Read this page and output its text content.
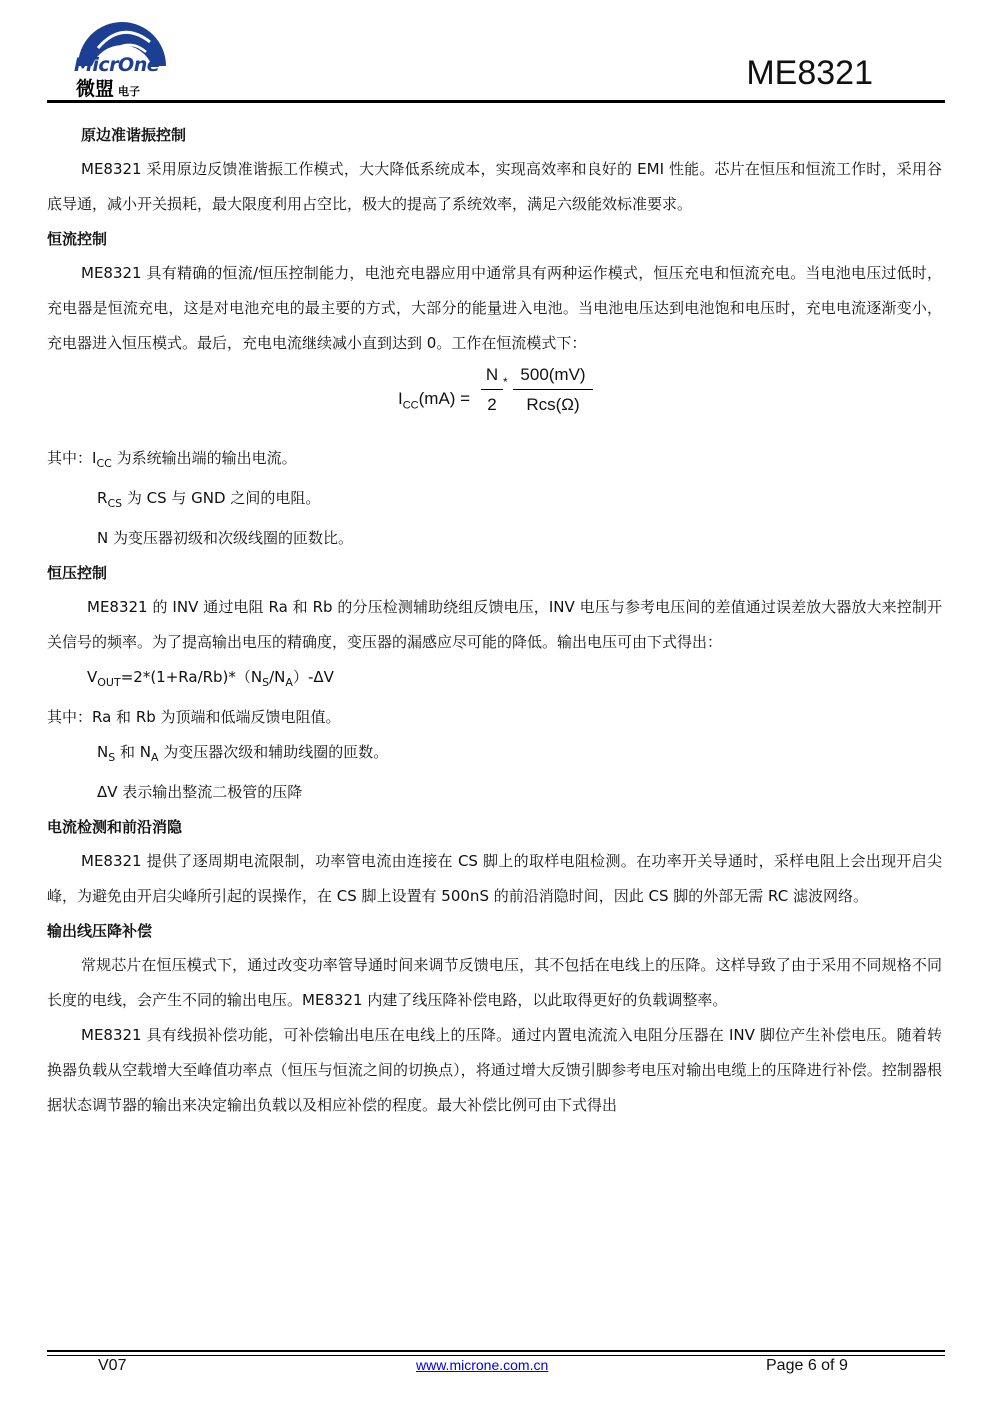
MicrOne
微盟 电子	ME8321
原边准谐振控制
ME8321 采用原边反馈准谐振工作模式，大大降低系统成本，实现高效率和良好的 EMI 性能。芯片在恒压和恒流工作时，采用谷底导通，减小开关损耗，最大限度利用占空比，极大的提高了系统效率，满足六级能效标准要求。
恒流控制
ME8321 具有精确的恒流/恒压控制能力，电池充电器应用中通常具有两种运作模式，恒压充电和恒流充电。当电池电压过低时，充电器是恒流充电，这是对电池充电的最主要的方式，大部分的能量进入电池。当电池电压达到电池饱和电压时，充电电流逐渐变小，充电器进入恒压模式。最后，充电电流继续减小直到达到 0。工作在恒流模式下：
$I_{CC}(mA)$ =
N
2
* 500(mV)
Rcs(Ω)
其中：$I_{CC}$ 为系统输出端的输出电流。
$R_{CS}$ 为 CS 与 GND 之间的电阻。
N 为变压器初级和次级线圈的匝数比。
恒压控制
ME8321 的 INV 通过电阻 Ra 和 Rb 的分压检测辅助绕组反馈电压，INV 电压与参考电压间的差值通过误差放大器放大来控制开关信号的频率。为了提高输出电压的精确度，变压器的漏感应尽可能的降低。输出电压可由下式得出：
$V_{OUT}=2*(1+Ra/Rb)*(N_S/N_A)-\Delta V$
其中：Ra 和 Rb 为顶端和低端反馈电阻值。
$N_S$ 和 $N_A$ 为变压器次级和辅助线圈的匝数。
ΔV 表示输出整流二极管的压降
电流检测和前沿消隐
ME8321 提供了逐周期电流限制，功率管电流由连接在 CS 脚上的取样电阻检测。在功率开关导通时，采样电阻上会出现开启尖峰，为避免由开启尖峰所引起的误操作，在 CS 脚上设置有 500nS 的前沿消隐时间，因此 CS 脚的外部无需 RC 滤波网络。
输出线压降补偿
常规芯片在恒压模式下，通过改变功率管导通时间来调节反馈电压，其不包括在电线上的压降。这样导致了由于采用不同规格不同长度的电线，会产生不同的输出电压。ME8321 内建了线压降补偿电路，以此取得更好的负载调整率。
ME8321 具有线损补偿功能，可补偿输出电压在电线上的压降。通过内置电流流入电阻分压器在 INV 脚位产生补偿电压。随着转换器负载从空载增大至峰值功率点（恒压与恒流之间的切换点），将通过增大反馈引脚参考电压对输出电缆上的压降进行补偿。控制器根据状态调节器的输出来决定输出负载以及相应补偿的程度。最大补偿比例可由下式得出
V07	www.microne.com.cn	Page 6 of 9
